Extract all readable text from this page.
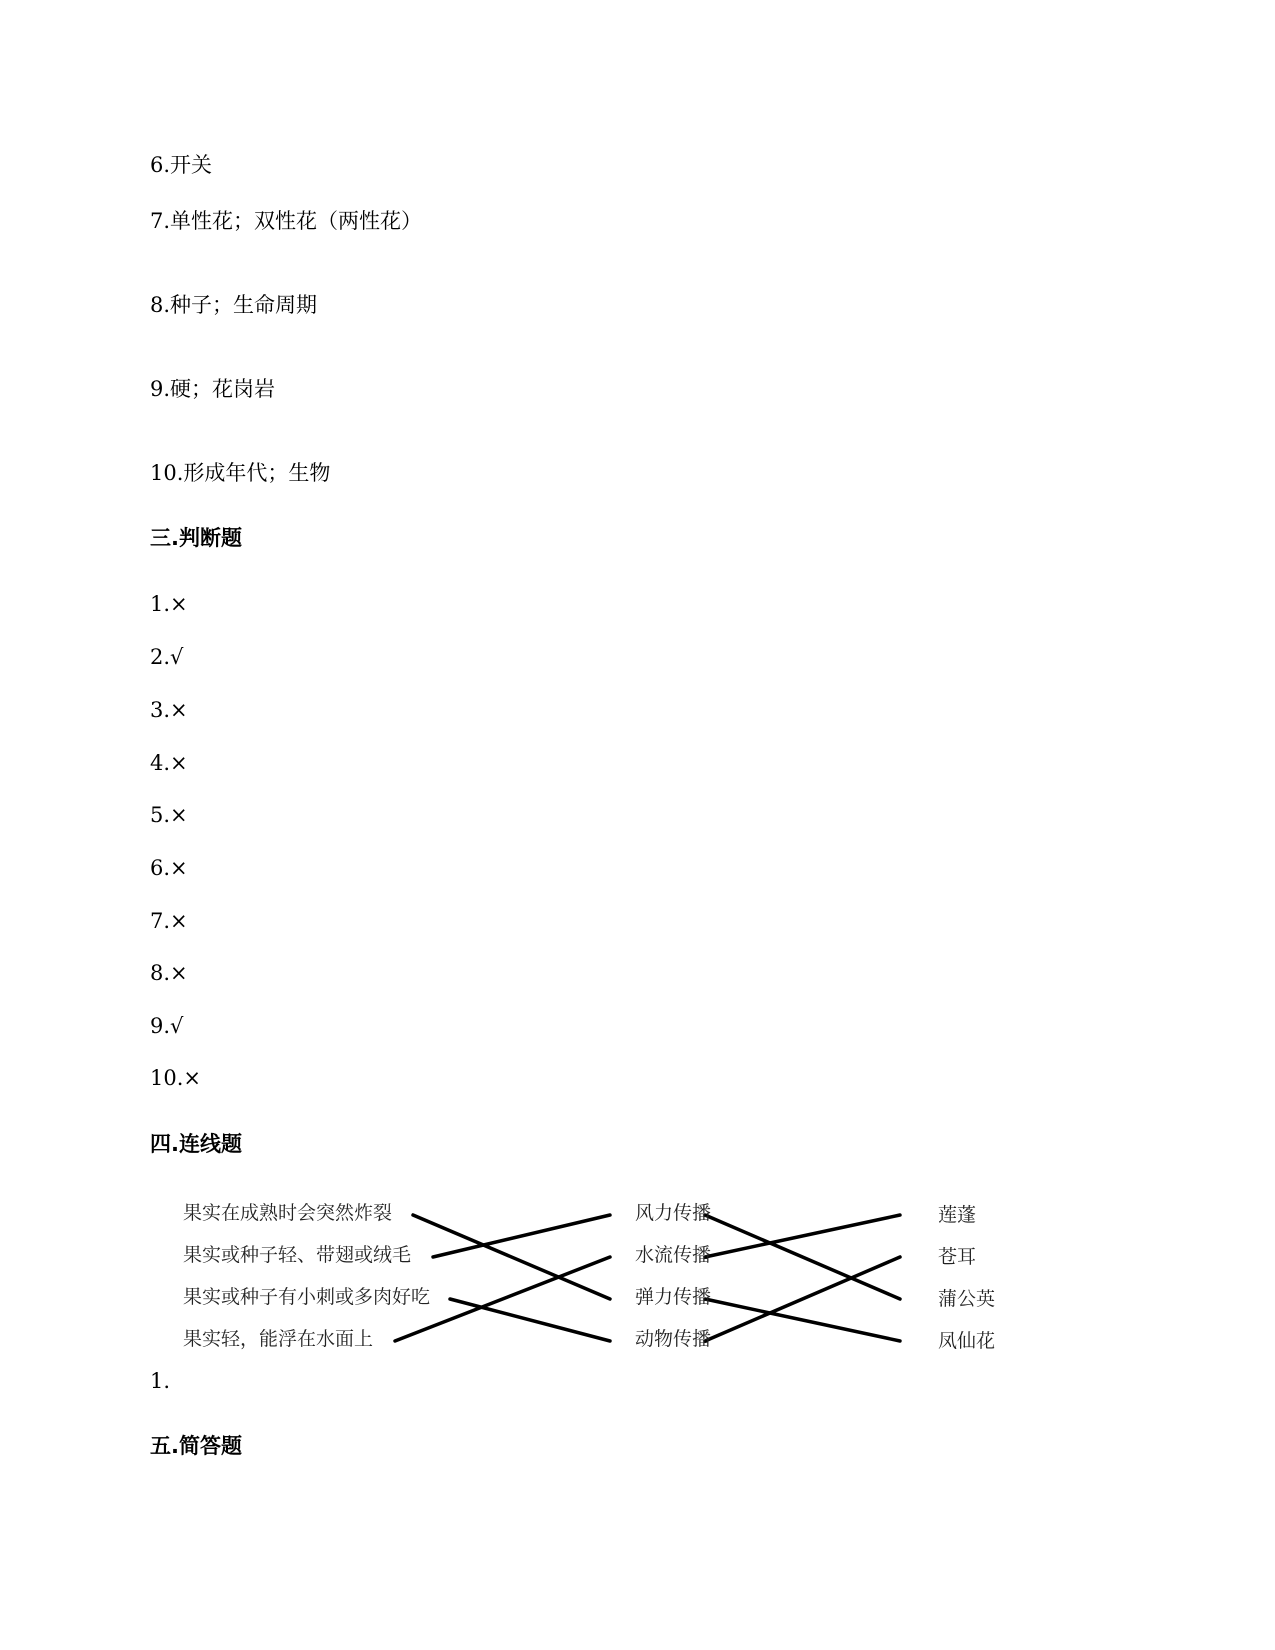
6.开关
7.单性花；双性花（两性花）
8.种子；生命周期
9.硬；花岗岩
10.形成年代；生物
三.判断题
1.×
2.√
3.×
4.×
5.×
6.×
7.×
8.×
9.√
10.×
四.连线题
果实在成熟时会突然炸裂
果实或种子轻、带翅或绒毛
果实或种子有小刺或多肉好吃
果实轻，能浮在水面上
风力传播
水流传播
弹力传播
动物传播
莲蓬
苍耳
蒲公英
凤仙花
1.
五.简答题
